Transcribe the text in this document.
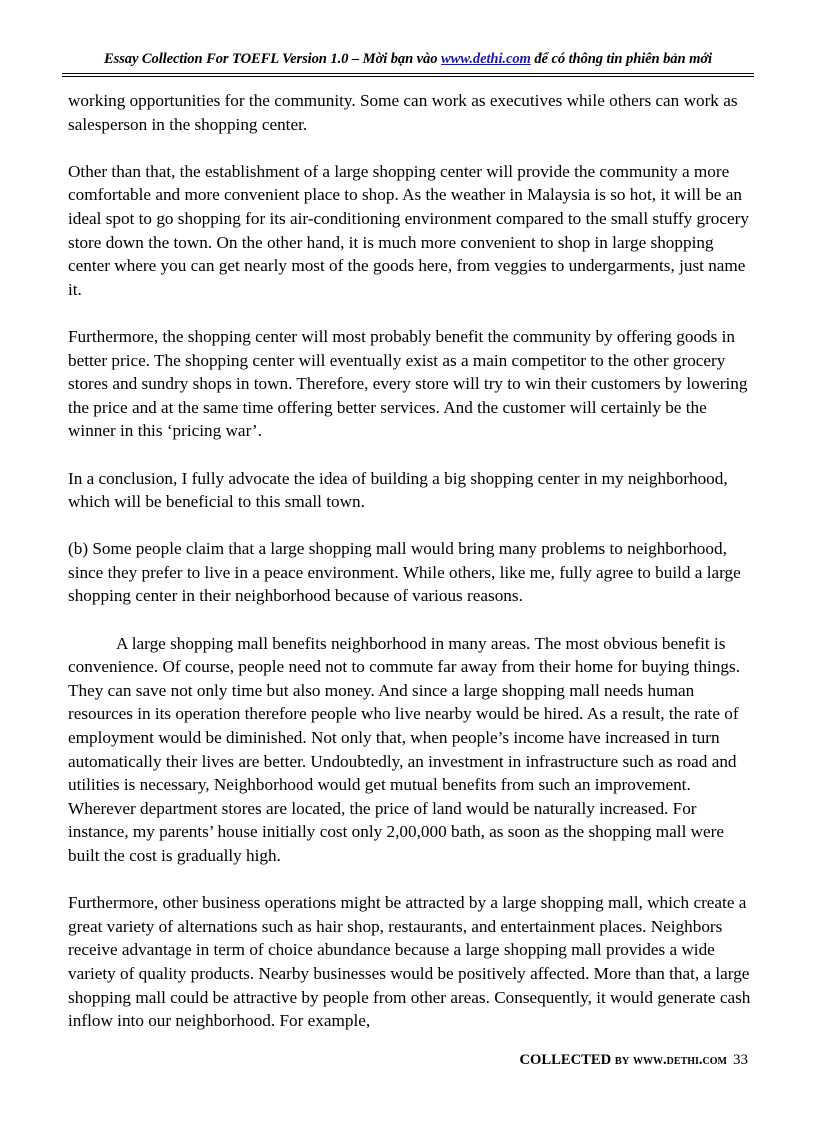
Essay Collection For TOEFL Version 1.0 – Mời bạn vào www.dethi.com để có thông tin phiên bản mới

working opportunities for the community. Some can work as executives while others can work as salesperson in the shopping center.

Other than that, the establishment of a large shopping center will provide the community a more comfortable and more convenient place to shop. As the weather in Malaysia is so hot, it will be an ideal spot to go shopping for its air-conditioning environment compared to the small stuffy grocery store down the town. On the other hand, it is much more convenient to shop in large shopping center where you can get nearly most of the goods here, from veggies to undergarments, just name it.

Furthermore, the shopping center will most probably benefit the community by offering goods in better price. The shopping center will eventually exist as a main competitor to the other grocery stores and sundry shops in town. Therefore, every store will try to win their customers by lowering the price and at the same time offering better services. And the customer will certainly be the winner in this ‘pricing war’.

In a conclusion, I fully advocate the idea of building a big shopping center in my neighborhood, which will be beneficial to this small town.

(b) Some people claim that a large shopping mall would bring many problems to neighborhood, since they prefer to live in a peace environment. While others, like me, fully agree to build a large shopping center in their neighborhood because of various reasons.

A large shopping mall benefits neighborhood in many areas. The most obvious benefit is convenience. Of course, people need not to commute far away from their home for buying things. They can save not only time but also money. And since a large shopping mall needs human resources in its operation therefore people who live nearby would be hired. As a result, the rate of employment would be diminished. Not only that, when people’s income have increased in turn automatically their lives are better. Undoubtedly, an investment in infrastructure such as road and utilities is necessary, Neighborhood would get mutual benefits from such an improvement. Wherever department stores are located, the price of land would be naturally increased. For instance, my parents’ house initially cost only 2,00,000 bath, as soon as the shopping mall were built the cost is gradually high.

Furthermore, other business operations might be attracted by a large shopping mall, which create a great variety of alternations such as hair shop, restaurants, and entertainment places. Neighbors receive advantage in term of choice abundance because a large shopping mall provides a wide variety of quality products. Nearby businesses would be positively affected. More than that, a large shopping mall could be attractive by people from other areas. Consequently, it would generate cash inflow into our neighborhood. For example,

COLLECTED BY www.dethi.com 33
